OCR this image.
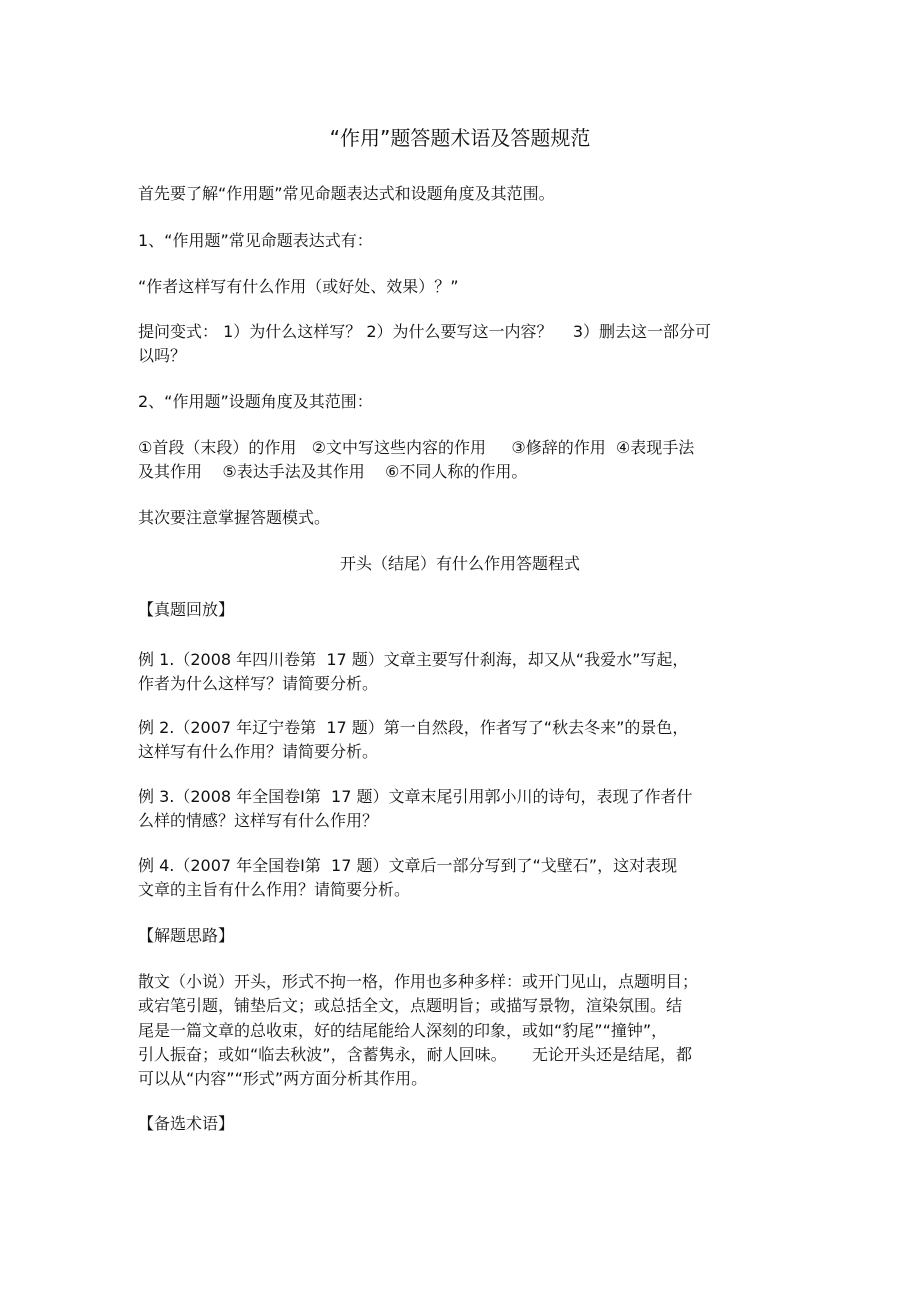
“作用”题答题术语及答题规范
首先要了解“作用题”常见命题表达式和设题角度及其范围。
1、“作用题”常见命题表达式有：
“作者这样写有什么作用（或好处、效果）？”
提问变式： 1）为什么这样写？ 2）为什么要写这一内容？    3）删去这一部分可
以吗？
2、“作用题”设题角度及其范围：
①首段（末段）的作用   ②文中写这些内容的作用     ③修辞的作用  ④表现手法
及其作用    ⑤表达手法及其作用    ⑥不同人称的作用。
其次要注意掌握答题模式。
开头（结尾）有什么作用答题程式
【真题回放】
例 1.（2008 年四川卷第  17 题）文章主要写什刹海，却又从“我爱水”写起，
作者为什么这样写？请简要分析。
例 2.（2007 年辽宁卷第  17 题）第一自然段，作者写了“秋去冬来”的景色，
这样写有什么作用？请简要分析。
例 3.（2008 年全国卷Ⅰ第  17 题）文章末尾引用郭小川的诗句，表现了作者什
么样的情感？这样写有什么作用？
例 4.（2007 年全国卷Ⅰ第  17 题）文章后一部分写到了“戈壁石”，这对表现
文章的主旨有什么作用？请简要分析。
【解题思路】
散文（小说）开头，形式不拘一格，作用也多种多样：或开门见山，点题明目；
或宕笔引题，铺垫后文；或总括全文，点题明旨；或描写景物，渲染氛围。结
尾是一篇文章的总收束，好的结尾能给人深刻的印象，或如“豹尾”“撞钟”，
引人振奋；或如“临去秋波”，含蓄隽永，耐人回味。     无论开头还是结尾，都
可以从“内容”“形式”两方面分析其作用。
【备选术语】
